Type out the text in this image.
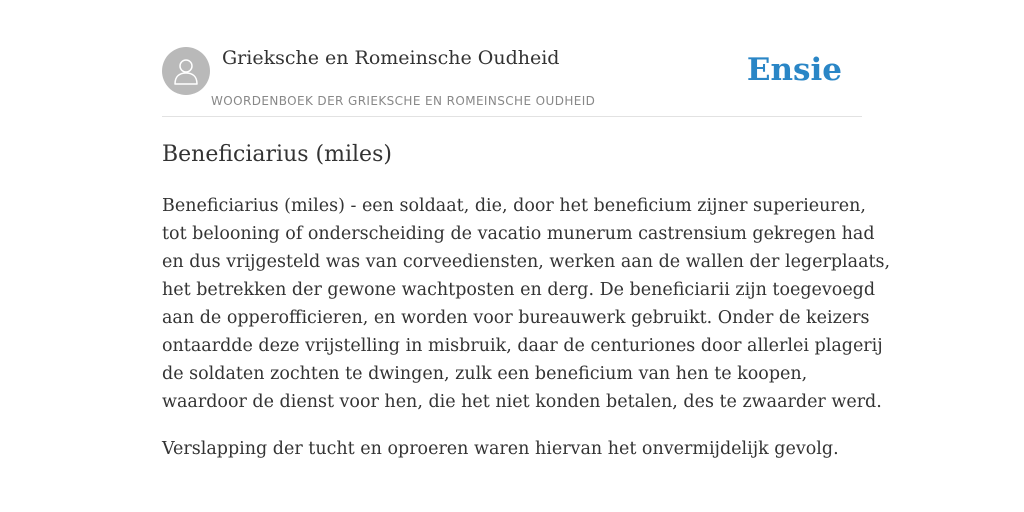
Grieksche en Romeinsche Oudheid
WOORDENBOEK DER GRIEKSCHE EN ROMEINSCHE OUDHEID
Ensie
Beneficiarius (miles)

Beneficiarius (miles) - een soldaat, die, door het beneficium zijner superieuren,
tot belooning of onderscheiding de vacatio munerum castrensium gekregen had
en dus vrijgesteld was van corveediensten, werken aan de wallen der legerplaats,
het betrekken der gewone wachtposten en derg. De beneficiarii zijn toegevoegd
aan de opperofficieren, en worden voor bureauwerk gebruikt. Onder de keizers
ontaardde deze vrijstelling in misbruik, daar de centuriones door allerlei plagerij
de soldaten zochten te dwingen, zulk een beneficium van hen te koopen,
waardoor de dienst voor hen, die het niet konden betalen, des te zwaarder werd.

Verslapping der tucht en oproeren waren hiervan het onvermijdelijk gevolg.
